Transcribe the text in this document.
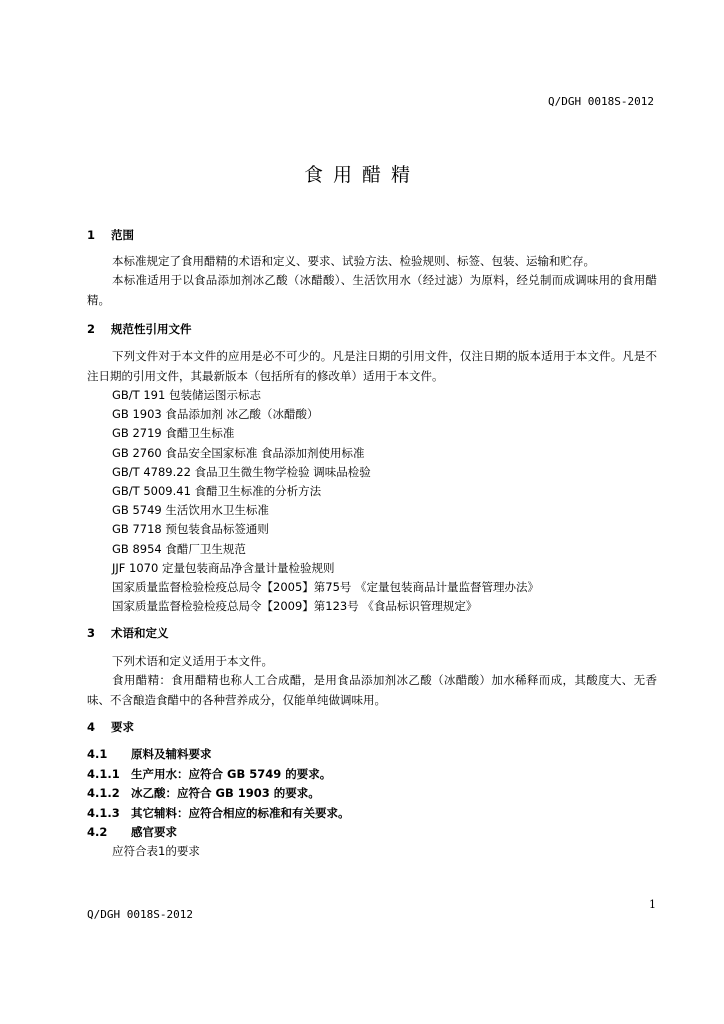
Q/DGH 0018S-2012
食用醋精
1 范围
本标准规定了食用醋精的术语和定义、要求、试验方法、检验规则、标签、包装、运输和贮存。
本标准适用于以食品添加剂冰乙酸（冰醋酸）、生活饮用水（经过滤）为原料，经兑制而成调味用的食用醋精。
2 规范性引用文件
下列文件对于本文件的应用是必不可少的。凡是注日期的引用文件，仅注日期的版本适用于本文件。凡是不注日期的引用文件，其最新版本（包括所有的修改单）适用于本文件。
GB/T 191 包装储运图示标志
GB 1903 食品添加剂 冰乙酸（冰醋酸）
GB 2719 食醋卫生标准
GB 2760 食品安全国家标准 食品添加剂使用标准
GB/T 4789.22 食品卫生微生物学检验 调味品检验
GB/T 5009.41 食醋卫生标准的分析方法
GB 5749 生活饮用水卫生标准
GB 7718 预包装食品标签通则
GB 8954 食醋厂卫生规范
JJF 1070 定量包装商品净含量计量检验规则
国家质量监督检验检疫总局令【2005】第75号 《定量包装商品计量监督管理办法》
国家质量监督检验检疫总局令【2009】第123号 《食品标识管理规定》
3 术语和定义
下列术语和定义适用于本文件。
食用醋精：食用醋精也称人工合成醋，是用食品添加剂冰乙酸（冰醋酸）加水稀释而成，其酸度大、无香味、不含酿造食醋中的各种营养成分，仅能单纯做调味用。
4 要求
4.1 原料及辅料要求
4.1.1 生产用水：应符合 GB 5749 的要求。
4.1.2 冰乙酸：应符合 GB 1903 的要求。
4.1.3 其它辅料：应符合相应的标准和有关要求。
4.2 感官要求
应符合表1的要求
1
Q/DGH 0018S-2012
